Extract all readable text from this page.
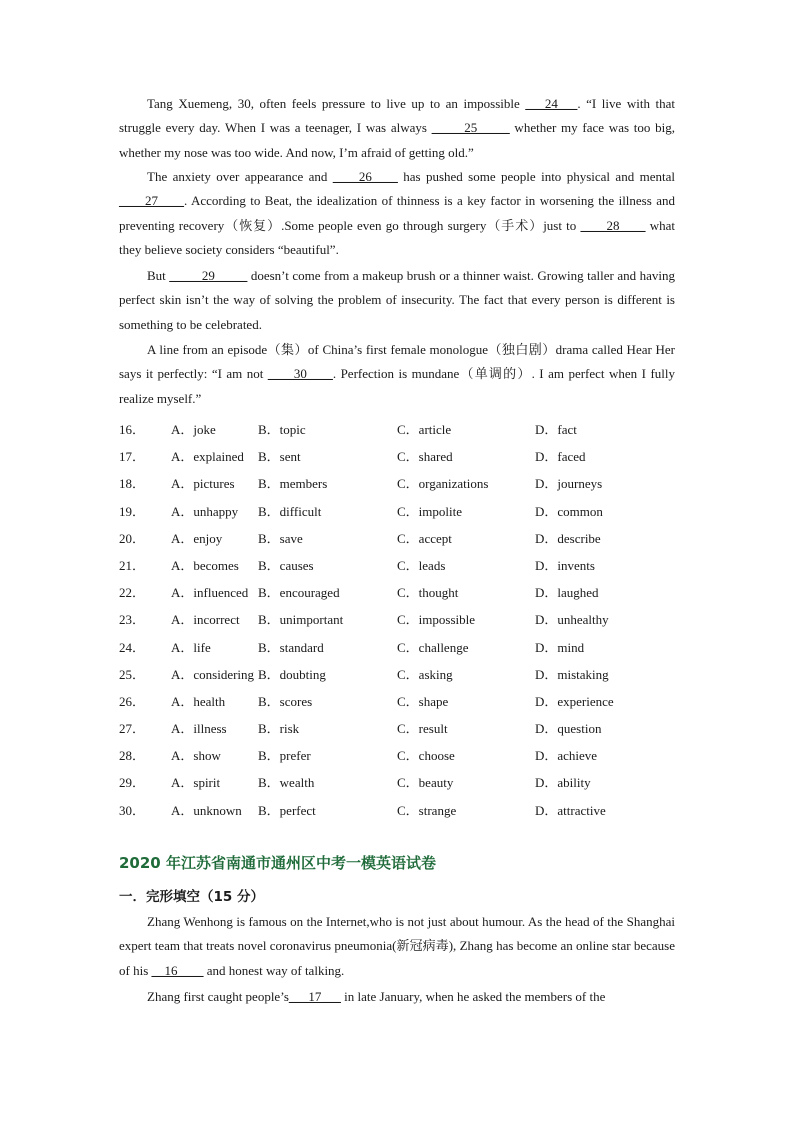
Tang Xuemeng, 30, often feels pressure to live up to an impossible ___24___. “I live with that struggle every day. When I was a teenager, I was always _____25_____ whether my face was too big, whether my nose was too wide. And now, I’m afraid of getting old.”

The anxiety over appearance and ____26____ has pushed some people into physical and mental ____27____. According to Beat, the idealization of thinness is a key factor in worsening the illness and preventing recovery（恢复）.Some people even go through surgery（手术）just to ____28____ what they believe society considers “beautiful”.

But _____29_____ doesn’t come from a makeup brush or a thinner waist. Growing taller and having perfect skin isn’t the way of solving the problem of insecurity. The fact that every person is different is something to be celebrated.

A line from an episode（集）of China’s first female monologue（独白剧）drama called Hear Her says it perfectly: “I am not ____30____. Perfection is mundane（单调的）. I am perfect when I fully realize myself.”

16． A．joke	B．topic	C．article	D．fact
17． A．explained B．sent	C．shared	D．faced
18． A．pictures B．members	C．organizations	D．journeys
19． A．unhappy B．difficult	C．impolite	D．common
20． A．enjoy	B．save	C．accept	D．describe
21． A．becomes B．causes	C．leads	D．invents
22． A．influenced B．encouraged	C．thought	D．laughed
23． A．incorrect B．unimportant	C．impossible	D．unhealthy
24． A．life	B．standard	C．challenge	D．mind
25． A．considering B．doubting	C．asking	D．mistaking
26． A．health	B．scores	C．shape	D．experience
27． A．illness B．risk	C．result	D．question
28． A．show	B．prefer	C．choose	D．achieve
29． A．spirit	B．wealth	C．beauty	D．ability
30． A．unknown B．perfect	C．strange	D．attractive

2020 年江苏省南通市通州区中考一模英语试卷

一．完形填空（15 分）

Zhang Wenhong is famous on the Internet,who is not just about humour. As the head of the Shanghai expert team that treats novel coronavirus pneumonia(新冠病毒), Zhang has become an online star because of his __16____ and honest way of talking.

Zhang first caught people’s___17___ in late January, when he asked the members of the
